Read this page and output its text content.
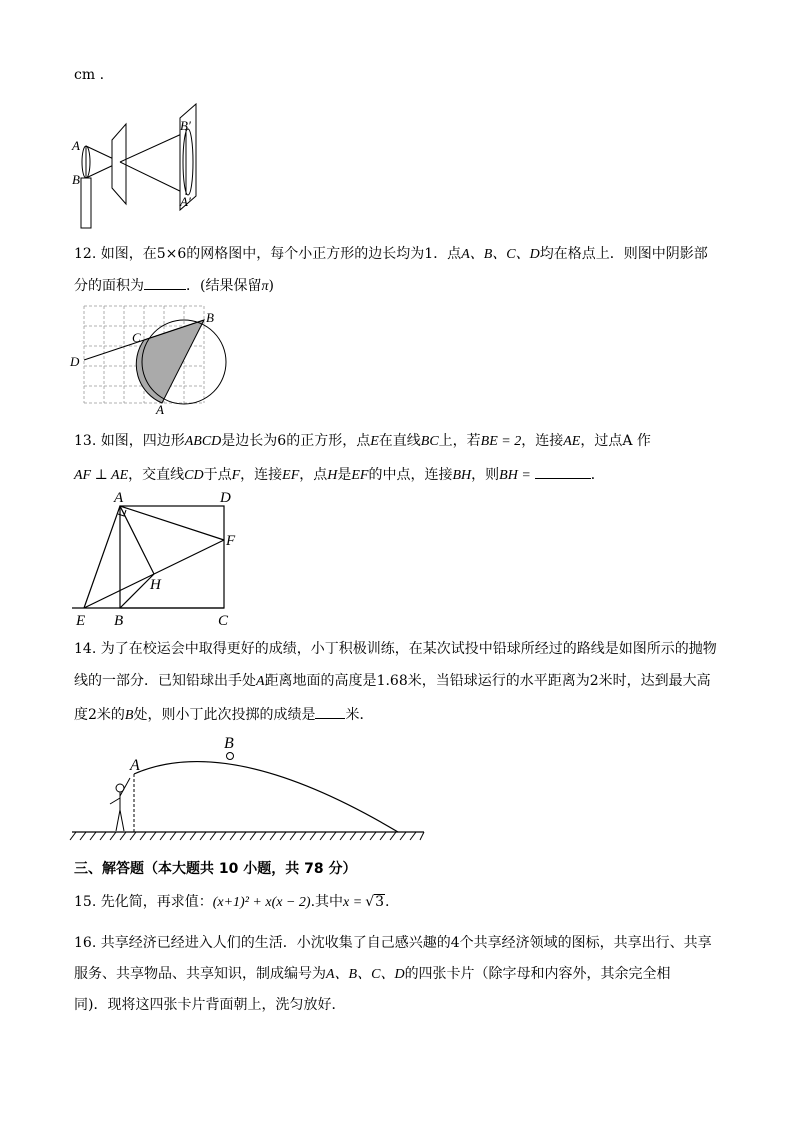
cm .
A
B
B′
A′
12. 如图，在5×6的网格图中，每个小正方形的边长均为1．点A、B、C、D均在格点上．则图中阴影部
分的面积为	．(结果保留π)
B
C
D
A
13. 如图，四边形ABCD是边长为6的正方形，点E在直线BC上，若BE = 2，连接AE，过点A 作
AF ⊥ AE，交直线CD于点F，连接EF，点H是EF的中点，连接BH，则BH =	．
A	D
F
H
E B	C
14. 为了在校运会中取得更好的成绩，小丁积极训练，在某次试投中铅球所经过的路线是如图所示的抛物
线的一部分．已知铅球出手处A距离地面的高度是1.68米，当铅球运行的水平距离为2米时，达到最大高
度2米的B处，则小丁此次投掷的成绩是 米．
A
B
三、解答题（本大题共 10 小题，共 78 分）
15. 先化简，再求值：(x+1)² + x(x − 2).其中x = √3.
16. 共享经济已经进入人们的生活．小沈收集了自己感兴趣的4个共享经济领域的图标，共享出行、共享
服务、共享物品、共享知识，制成编号为A、B、C、D的四张卡片（除字母和内容外，其余完全相
同)．现将这四张卡片背面朝上，洗匀放好．
